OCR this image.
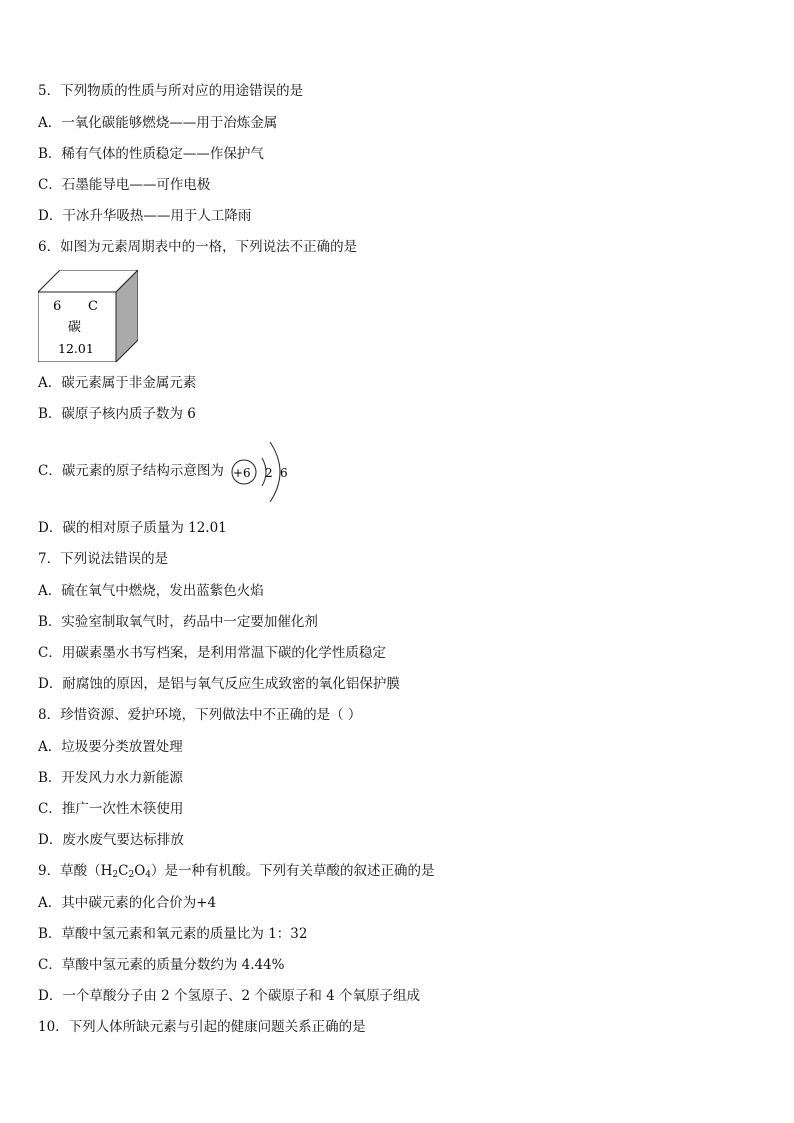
5．下列物质的性质与所对应的用途错误的是
A．一氧化碳能够燃烧——用于冶炼金属
B．稀有气体的性质稳定——作保护气
C．石墨能导电——可作电极
D．干冰升华吸热——用于人工降雨
6．如图为元素周期表中的一格，下列说法不正确的是
6 C
碳
12.01
A．碳元素属于非金属元素
B．碳原子核内质子数为 6
C．碳元素的原子结构示意图为 +6 2 6
D．碳的相对原子质量为 12.01
7．下列说法错误的是
A．硫在氧气中燃烧，发出蓝紫色火焰
B．实验室制取氧气时，药品中一定要加催化剂
C．用碳素墨水书写档案，是利用常温下碳的化学性质稳定
D．耐腐蚀的原因，是铝与氧气反应生成致密的氧化铝保护膜
8．珍惜资源、爱护环境，下列做法中不正确的是（ ）
A．垃圾要分类放置处理
B．开发风力水力新能源
C．推广一次性木筷使用
D．废水废气要达标排放
9．草酸$(H_2C_2O_4)$是一种有机酸。下列有关草酸的叙述正确的是
A．其中碳元素的化合价为+4
B．草酸中氢元素和氧元素的质量比为 1：32
C．草酸中氢元素的质量分数约为 4.44%
D．一个草酸分子由 2 个氢原子、2 个碳原子和 4 个氧原子组成
10．下列人体所缺元素与引起的健康问题关系正确的是
